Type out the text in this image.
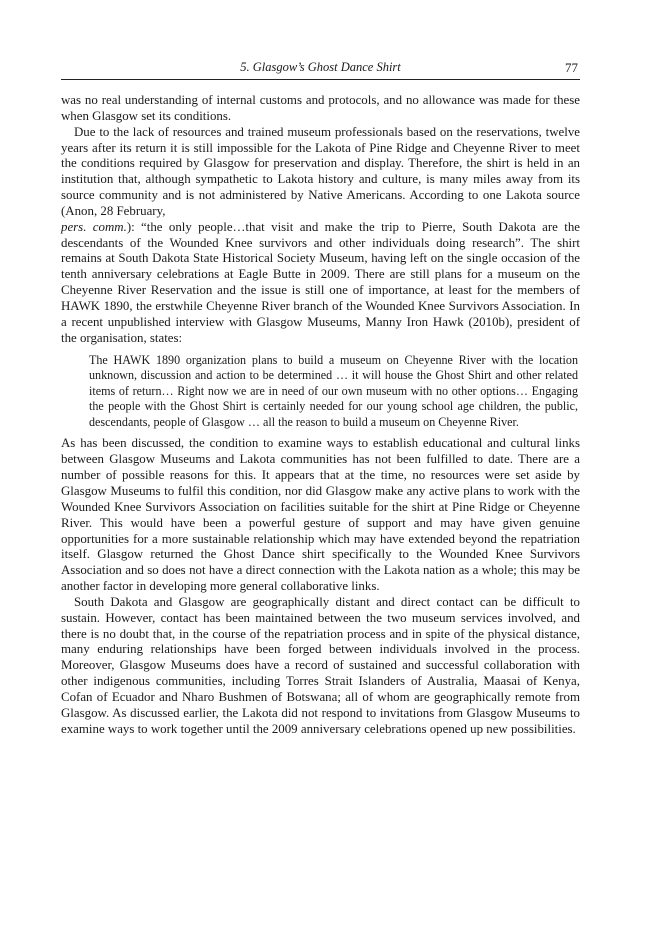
5. Glasgow’s Ghost Dance Shirt	77

was no real understanding of internal customs and protocols, and no allowance was made for these when Glasgow set its conditions.

Due to the lack of resources and trained museum professionals based on the reservations, twelve years after its return it is still impossible for the Lakota of Pine Ridge and Cheyenne River to meet the conditions required by Glasgow for preservation and display. Therefore, the shirt is held in an institution that, although sympathetic to Lakota history and culture, is many miles away from its source community and is not administered by Native Americans. According to one Lakota source (Anon, 28 February,
pers. comm.): “the only people…that visit and make the trip to Pierre, South Dakota are the descendants of the Wounded Knee survivors and other individuals doing research”. The shirt remains at South Dakota State Historical Society Museum, having left on the single occasion of the tenth anniversary celebrations at Eagle Butte in 2009. There are still plans for a museum on the Cheyenne River Reservation and the issue is still one of importance, at least for the members of HAWK 1890, the erstwhile Cheyenne River branch of the Wounded Knee Survivors Association. In a recent unpublished interview with Glasgow Museums, Manny Iron Hawk (2010b), president of the organisation, states:

The HAWK 1890 organization plans to build a museum on Cheyenne River with the location unknown, discussion and action to be determined … it will house the Ghost Shirt and other related items of return… Right now we are in need of our own museum with no other options… Engaging the people with the Ghost Shirt is certainly needed for our young school age children, the public, descendants, people of Glasgow … all the reason to build a museum on Cheyenne River.

As has been discussed, the condition to examine ways to establish educational and cultural links between Glasgow Museums and Lakota communities has not been fulfilled to date. There are a number of possible reasons for this. It appears that at the time, no resources were set aside by Glasgow Museums to fulfil this condition, nor did Glasgow make any active plans to work with the Wounded Knee Survivors Association on facilities suitable for the shirt at Pine Ridge or Cheyenne River. This would have been a powerful gesture of support and may have given genuine opportunities for a more sustainable relationship which may have extended beyond the repatriation itself. Glasgow returned the Ghost Dance shirt specifically to the Wounded Knee Survivors Association and so does not have a direct connection with the Lakota nation as a whole; this may be another factor in developing more general collaborative links.

South Dakota and Glasgow are geographically distant and direct contact can be difficult to sustain. However, contact has been maintained between the two museum services involved, and there is no doubt that, in the course of the repatriation process and in spite of the physical distance, many enduring relationships have been forged between individuals involved in the process. Moreover, Glasgow Museums does have a record of sustained and successful collaboration with other indigenous communities, including Torres Strait Islanders of Australia, Maasai of Kenya, Cofan of Ecuador and Nharo Bushmen of Botswana; all of whom are geographically remote from Glasgow. As discussed earlier, the Lakota did not respond to invitations from Glasgow Museums to examine ways to work together until the 2009 anniversary celebrations opened up new possibilities.
